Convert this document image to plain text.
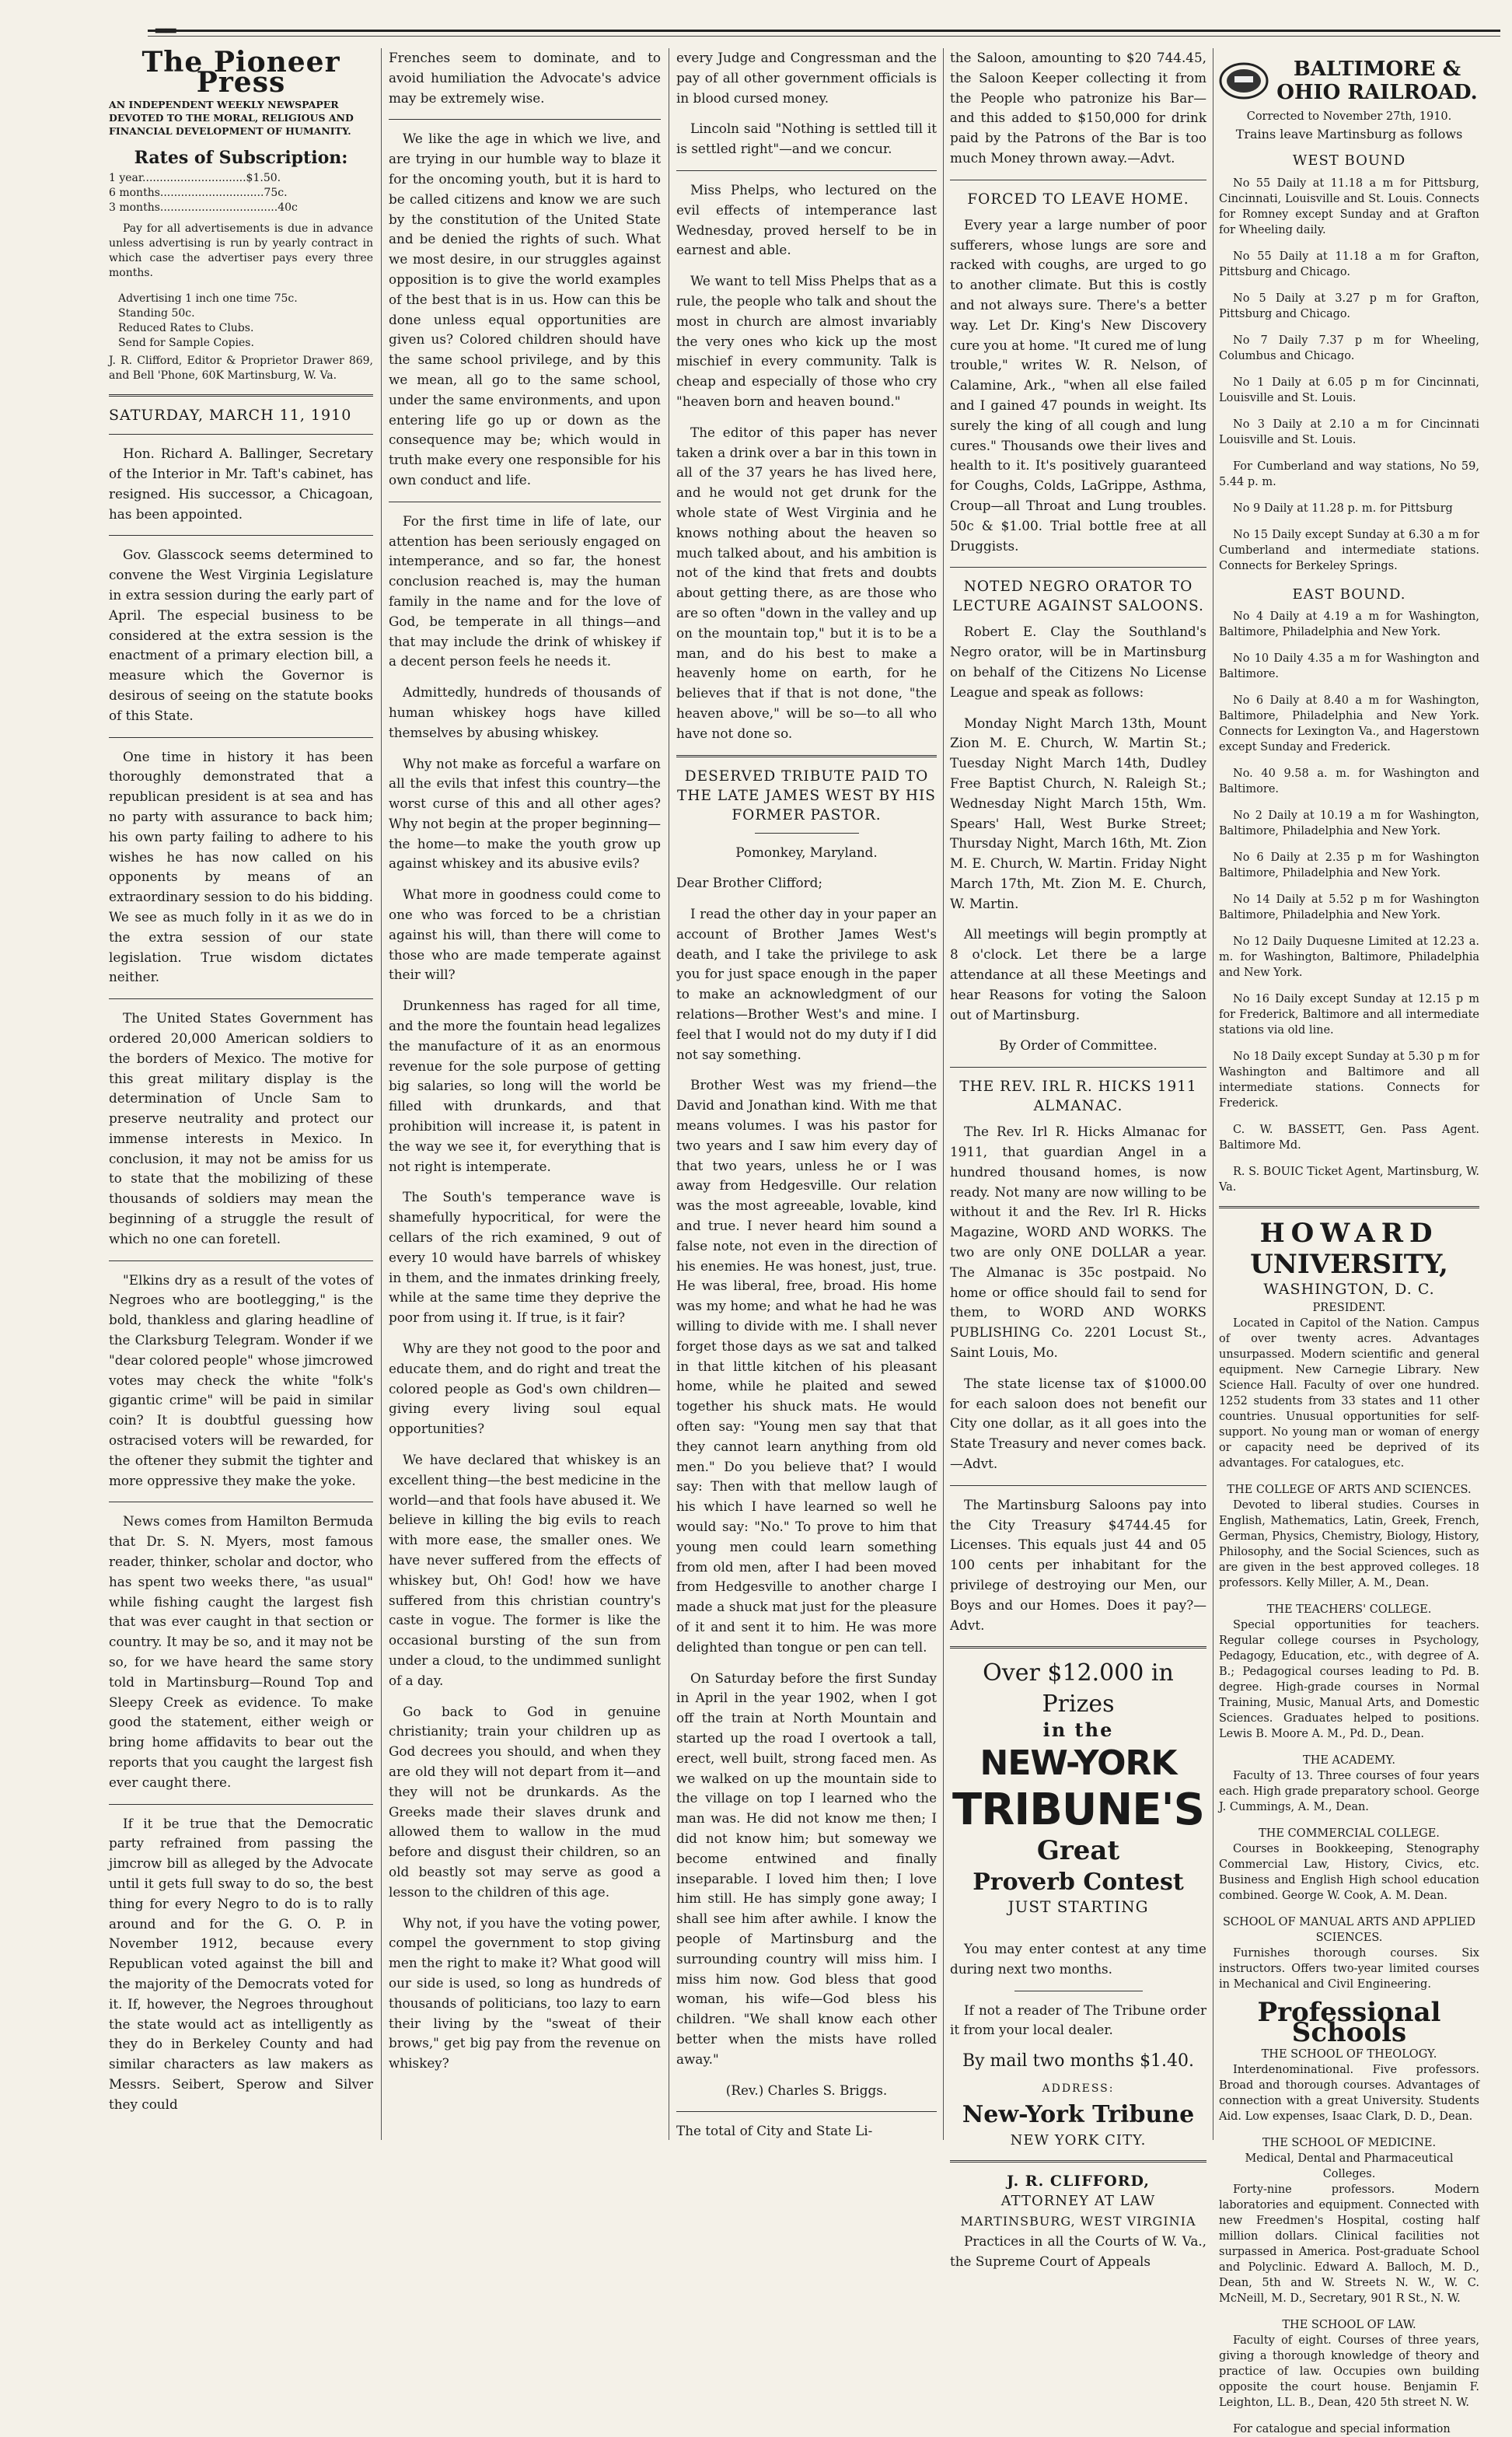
The Pioneer Press

AN INDEPENDENT WEEKLY NEWSPAPER DEVOTED TO THE MORAL, RELIGIOUS AND FINANCIAL DEVELOPMENT OF HUMANITY.

Rates of Subscription:
1 year..............................$1.50.
6 months..............................75c.
3 months..................................40c

Pay for all advertisements is due in advance unless advertising is run by yearly contract in which case the advertiser pays every three months.

Advertising 1 inch one time 75c.
Standing 50c.
Reduced Rates to Clubs.
Send for Sample Copies.

J. R. Clifford, Editor & Proprietor Drawer 869, and Bell 'Phone, 60K Martinsburg, W. Va.

SATURDAY, MARCH 11, 1910

Hon. Richard A. Ballinger, Secretary of the Interior in Mr. Taft's cabinet, has resigned. His successor, a Chicagoan, has been appointed.

Gov. Glasscock seems determined to convene the West Virginia Legislature in extra session during the early part of April. The especial business to be considered at the extra session is the enactment of a primary election bill, a measure which the Governor is desirous of seeing on the statute books of this State.

One time in history it has been thoroughly demonstrated that a republican president is at sea and has no party with assurance to back him; his own party failing to adhere to his wishes he has now called on his opponents by means of an extraordinary session to do his bidding. We see as much folly in it as we do in the extra session of our state legislation. True wisdom dictates neither.

The United States Government has ordered 20,000 American soldiers to the borders of Mexico. The motive for this great military display is the determination of Uncle Sam to preserve neutrality and protect our immense interests in Mexico. In conclusion, it may not be amiss for us to state that the mobilizing of these thousands of soldiers may mean the beginning of a struggle the result of which no one can foretell.

"Elkins dry as a result of the votes of Negroes who are bootlegging," is the bold, thankless and glaring headline of the Clarksburg Telegram. Wonder if we "dear colored people" whose jimcrowed votes may check the white "folk's gigantic crime" will be paid in similar coin? It is doubtful guessing how ostracised voters will be rewarded, for the oftener they submit the tighter and more oppressive they make the yoke.

News comes from Hamilton Bermuda that Dr. S. N. Myers, most famous reader, thinker, scholar and doctor, who has spent two weeks there, "as usual" while fishing caught the largest fish that was ever caught in that section or country. It may be so, and it may not be so, for we have heard the same story told in Martinsburg—Round Top and Sleepy Creek as evidence. To make good the statement, either weigh or bring home affidavits to bear out the reports that you caught the largest fish ever caught there.

If it be true that the Democratic party refrained from passing the jimcrow bill as alleged by the Advocate until it gets full sway to do so, the best thing for every Negro to do is to rally around and for the G. O. P. in November 1912, because every Republican voted against the bill and the majority of the Democrats voted for it. If, however, the Negroes throughout the state would act as intelligently as they do in Berkeley County and had similar characters as law makers as Messrs. Seibert, Sperow and Silver they could

Frenches seem to dominate, and to avoid humiliation the Advocate's advice may be extremely wise.

We like the age in which we live, and are trying in our humble way to blaze it for the oncoming youth, but it is hard to be called citizens and know we are such by the constitution of the United State and be denied the rights of such. What we most desire, in our struggles against opposition is to give the world examples of the best that is in us. How can this be done unless equal opportunities are given us? Colored children should have the same school privilege, and by this we mean, all go to the same school, under the same environments, and upon entering life go up or down as the consequence may be; which would in truth make every one responsible for his own conduct and life.

For the first time in life of late, our attention has been seriously engaged on intemperance, and so far, the honest conclusion reached is, may the human family in the name and for the love of God, be temperate in all things—and that may include the drink of whiskey if a decent person feels he needs it.

Admittedly, hundreds of thousands of human whiskey hogs have killed themselves by abusing whiskey.

Why not make as forceful a warfare on all the evils that infest this country—the worst curse of this and all other ages? Why not begin at the proper beginning—the home—to make the youth grow up against whiskey and its abusive evils?

What more in goodness could come to one who was forced to be a christian against his will, than there will come to those who are made temperate against their will?

Drunkenness has raged for all time, and the more the fountain head legalizes the manufacture of it as an enormous revenue for the sole purpose of getting big salaries, so long will the world be filled with drunkards, and that prohibition will increase it, is patent in the way we see it, for everything that is not right is intemperate.

The South's temperance wave is shamefully hypocritical, for were the cellars of the rich examined, 9 out of every 10 would have barrels of whiskey in them, and the inmates drinking freely, while at the same time they deprive the poor from using it. If true, is it fair?

Why are they not good to the poor and educate them, and do right and treat the colored people as God's own children—giving every living soul equal opportunities?

We have declared that whiskey is an excellent thing—the best medicine in the world—and that fools have abused it. We believe in killing the big evils to reach with more ease, the smaller ones. We have never suffered from the effects of whiskey but, Oh! God! how we have suffered from this christian country's caste in vogue. The former is like the occasional bursting of the sun from under a cloud, to the undimmed sunlight of a day.

Go back to God in genuine christianity; train your children up as God decrees you should, and when they are old they will not depart from it—and they will not be drunkards. As the Greeks made their slaves drunk and allowed them to wallow in the mud before and disgust their children, so an old beastly sot may serve as good a lesson to the children of this age.

Why not, if you have the voting power, compel the government to stop giving men the right to make it? What good will our side is used, so long as hundreds of thousands of politicians, too lazy to earn their living by the "sweat of their brows," get big pay from the revenue on whiskey?

every Judge and Congressman and the pay of all other government officials is in blood cursed money.

Lincoln said "Nothing is settled till it is settled right"—and we concur.

Miss Phelps, who lectured on the evil effects of intemperance last Wednesday, proved herself to be in earnest and able.

We want to tell Miss Phelps that as a rule, the people who talk and shout the most in church are almost invariably the very ones who kick up the most mischief in every community. Talk is cheap and especially of those who cry "heaven born and heaven bound."

The editor of this paper has never taken a drink over a bar in this town in all of the 37 years he has lived here, and he would not get drunk for the whole state of West Virginia and he knows nothing about the heaven so much talked about, and his ambition is not of the kind that frets and doubts about getting there, as are those who are so often "down in the valley and up on the mountain top," but it is to be a man, and do his best to make a heavenly home on earth, for he believes that if that is not done, "the heaven above," will be so—to all who have not done so.

DESERVED TRIBUTE PAID TO THE LATE JAMES WEST BY HIS FORMER PASTOR.

Pomonkey, Maryland.

Dear Brother Clifford;

I read the other day in your paper an account of Brother James West's death, and I take the privilege to ask you for just space enough in the paper to make an acknowledgment of our relations—Brother West's and mine. I feel that I would not do my duty if I did not say something.

Brother West was my friend—the David and Jonathan kind. With me that means volumes. I was his pastor for two years and I saw him every day of that two years, unless he or I was away from Hedgesville. Our relation was the most agreeable, lovable, kind and true. I never heard him sound a false note, not even in the direction of his enemies. He was honest, just, true. He was liberal, free, broad. His home was my home; and what he had he was willing to divide with me. I shall never forget those days as we sat and talked in that little kitchen of his pleasant home, while he plaited and sewed together his shuck mats. He would often say: "Young men say that that they cannot learn anything from old men." Do you believe that? I would say: Then with that mellow laugh of his which I have learned so well he would say: "No." To prove to him that young men could learn something from old men, after I had been moved from Hedgesville to another charge I made a shuck mat just for the pleasure of it and sent it to him. He was more delighted than tongue or pen can tell.

On Saturday before the first Sunday in April in the year 1902, when I got off the train at North Mountain and started up the road I overtook a tall, erect, well built, strong faced men. As we walked on up the mountain side to the village on top I learned who the man was. He did not know me then; I did not know him; but someway we become entwined and finally inseparable. I loved him then; I love him still. He has simply gone away; I shall see him after awhile. I know the people of Martinsburg and the surrounding country will miss him. I miss him now. God bless that good woman, his wife—God bless his children. "We shall know each other better when the mists have rolled away."

(Rev.) Charles S. Briggs.

The total of City and State Li-

the Saloon, amounting to $20 744.45, the Saloon Keeper collecting it from the People who patronize his Bar—and this added to $150,000 for drink paid by the Patrons of the Bar is too much Money thrown away.—Advt.

FORCED TO LEAVE HOME.

Every year a large number of poor sufferers, whose lungs are sore and racked with coughs, are urged to go to another climate. But this is costly and not always sure. There's a better way. Let Dr. King's New Discovery cure you at home. "It cured me of lung trouble," writes W. R. Nelson, of Calamine, Ark., "when all else failed and I gained 47 pounds in weight. Its surely the king of all cough and lung cures." Thousands owe their lives and health to it. It's positively guaranteed for Coughs, Colds, LaGrippe, Asthma, Croup—all Throat and Lung troubles. 50c & $1.00. Trial bottle free at all Druggists.

NOTED NEGRO ORATOR TO LECTURE AGAINST SALOONS.

Robert E. Clay the Southland's Negro orator, will be in Martinsburg on behalf of the Citizens No License League and speak as follows:

Monday Night March 13th, Mount Zion M. E. Church, W. Martin St.; Tuesday Night March 14th, Dudley Free Baptist Church, N. Raleigh St.; Wednesday Night March 15th, Wm. Spears' Hall, West Burke Street; Thursday Night, March 16th, Mt. Zion M. E. Church, W. Martin. Friday Night March 17th, Mt. Zion M. E. Church, W. Martin.

All meetings will begin promptly at 8 o'clock. Let there be a large attendance at all these Meetings and hear Reasons for voting the Saloon out of Martinsburg.

By Order of Committee.

THE REV. IRL R. HICKS 1911 ALMANAC.

The Rev. Irl R. Hicks Almanac for 1911, that guardian Angel in a hundred thousand homes, is now ready. Not many are now willing to be without it and the Rev. Irl R. Hicks Magazine, WORD AND WORKS. The two are only ONE DOLLAR a year. The Almanac is 35c postpaid. No home or office should fail to send for them, to WORD AND WORKS PUBLISHING Co. 2201 Locust St., Saint Louis, Mo.

The state license tax of $1000.00 for each saloon does not benefit our City one dollar, as it all goes into the State Treasury and never comes back.—Advt.

The Martinsburg Saloons pay into the City Treasury $4744.45 for Licenses. This equals just 44 and 05 100 cents per inhabitant for the privilege of destroying our Men, our Boys and our Homes. Does it pay?—Advt.

Over $12.000 in Prizes
in the
NEW-YORK
TRIBUNE'S
Great
Proverb Contest
JUST STARTING

You may enter contest at any time during next two months.

If not a reader of The Tribune order it from your local dealer.

By mail two months $1.40.
ADDRESS:
New-York Tribune
NEW YORK CITY.
J. R. CLIFFORD,
ATTORNEY AT LAW
MARTINSBURG, WEST VIRGINIA

Practices in all the Courts of W. Va., the Supreme Court of Appeals

BALTIMORE & OHIO RAILROAD.
Corrected to November 27th, 1910.
Trains leave Martinsburg as follows
WEST BOUND

No 55 Daily at 11.18 a m for Pittsburg, Cincinnati, Louisville and St. Louis. Connects for Romney except Sunday and at Grafton for Wheeling daily.

No 55 Daily at 11.18 a m for Grafton, Pittsburg and Chicago.

No 5 Daily at 3.27 p m for Grafton, Pittsburg and Chicago.

No 7 Daily 7.37 p m for Wheeling, Columbus and Chicago.

No 1 Daily at 6.05 p m for Cincinnati, Louisville and St. Louis.

No 3 Daily at 2.10 a m for Cincinnati Louisville and St. Louis.

For Cumberland and way stations, No 59, 5.44 p. m.

No 9 Daily at 11.28 p. m. for Pittsburg

No 15 Daily except Sunday at 6.30 a m for Cumberland and intermediate stations. Connects for Berkeley Springs.

EAST BOUND.

No 4 Daily at 4.19 a m for Washington, Baltimore, Philadelphia and New York.

No 10 Daily 4.35 a m for Washington and Baltimore.

No 6 Daily at 8.40 a m for Washington, Baltimore, Philadelphia and New York. Connects for Lexington Va., and Hagerstown except Sunday and Frederick.

No. 40 9.58 a. m. for Washington and Baltimore.

No 2 Daily at 10.19 a m for Washington, Baltimore, Philadelphia and New York.

No 6 Daily at 2.35 p m for Washington Baltimore, Philadelphia and New York.

No 14 Daily at 5.52 p m for Washington Baltimore, Philadelphia and New York.

No 12 Daily Duquesne Limited at 12.23 a. m. for Washington, Baltimore, Philadelphia and New York.

No 16 Daily except Sunday at 12.15 p m for Frederick, Baltimore and all intermediate stations via old line.

No 18 Daily except Sunday at 5.30 p m for Washington and Baltimore and all intermediate stations. Connects for Frederick.

C. W. BASSETT, Gen. Pass Agent. Baltimore Md.

R. S. BOUIC Ticket Agent, Martinsburg, W. Va.

HOWARD
UNIVERSITY,
WASHINGTON, D. C.
PRESIDENT.

Located in Capitol of the Nation. Campus of over twenty acres. Advantages unsurpassed. Modern scientific and general equipment. New Carnegie Library. New Science Hall. Faculty of over one hundred. 1252 students from 33 states and 11 other countries. Unusual opportunities for self-support. No young man or woman of energy or capacity need be deprived of its advantages. For catalogues, etc.

THE COLLEGE OF ARTS AND SCIENCES.

Devoted to liberal studies. Courses in English, Mathematics, Latin, Greek, French, German, Physics, Chemistry, Biology, History, Philosophy, and the Social Sciences, such as are given in the best approved colleges. 18 professors. Kelly Miller, A. M., Dean.

THE TEACHERS' COLLEGE.

Special opportunities for teachers. Regular college courses in Psychology, Pedagogy, Education, etc., with degree of A. B.; Pedagogical courses leading to Pd. B. degree. High-grade courses in Normal Training, Music, Manual Arts, and Domestic Sciences. Graduates helped to positions. Lewis B. Moore A. M., Pd. D., Dean.

THE ACADEMY.

Faculty of 13. Three courses of four years each. High grade preparatory school. George J. Cummings, A. M., Dean.

THE COMMERCIAL COLLEGE.

Courses in Bookkeeping, Stenography Commercial Law, History, Civics, etc. Business and English High school education combined. George W. Cook, A. M. Dean.

SCHOOL OF MANUAL ARTS AND APPLIED SCIENCES.

Furnishes thorough courses. Six instructors. Offers two-year limited courses in Mechanical and Civil Engineering.

Professional Schools
THE SCHOOL OF THEOLOGY.

Interdenominational. Five professors. Broad and thorough courses. Advantages of connection with a great University. Students Aid. Low expenses, Isaac Clark, D. D., Dean.

THE SCHOOL OF MEDICINE.
Medical, Dental and Pharmaceutical Colleges.

Forty-nine professors. Modern laboratories and equipment. Connected with new Freedmen's Hospital, costing half million dollars. Clinical facilities not surpassed in America. Post-graduate School and Polyclinic. Edward A. Balloch, M. D., Dean, 5th and W. Streets N. W., W. C. McNeill, M. D., Secretary, 901 R St., N. W.

THE SCHOOL OF LAW.

Faculty of eight. Courses of three years, giving a thorough knowledge of theory and practice of law. Occupies own building opposite the court house. Benjamin F. Leighton, LL. B., Dean, 420 5th street N. W.

For catalogue and special information
